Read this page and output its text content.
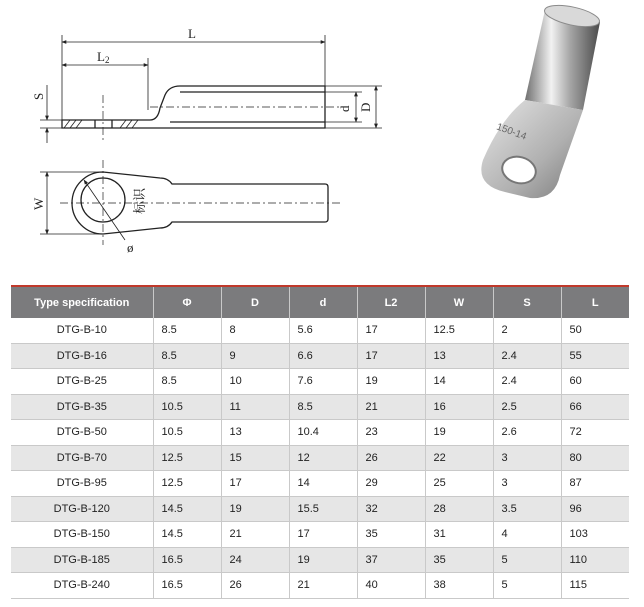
L
L2
S
d D
标识
W
ø
150-14
Type specification	Φ	D	d	L2	W	S	L
DTG-B-10	8.5	8	5.6	17	12.5	2	50
DTG-B-16	8.5	9	6.6	17	13	2.4	55
DTG-B-25	8.5	10	7.6	19	14	2.4	60
DTG-B-35	10.5	11	8.5	21	16	2.5	66
DTG-B-50	10.5	13	10.4	23	19	2.6	72
DTG-B-70	12.5	15	12	26	22	3	80
DTG-B-95	12.5	17	14	29	25	3	87
DTG-B-120	14.5	19	15.5	32	28	3.5	96
DTG-B-150	14.5	21	17	35	31	4	103
DTG-B-185	16.5	24	19	37	35	5	110
DTG-B-240	16.5	26	21	40	38	5	115
